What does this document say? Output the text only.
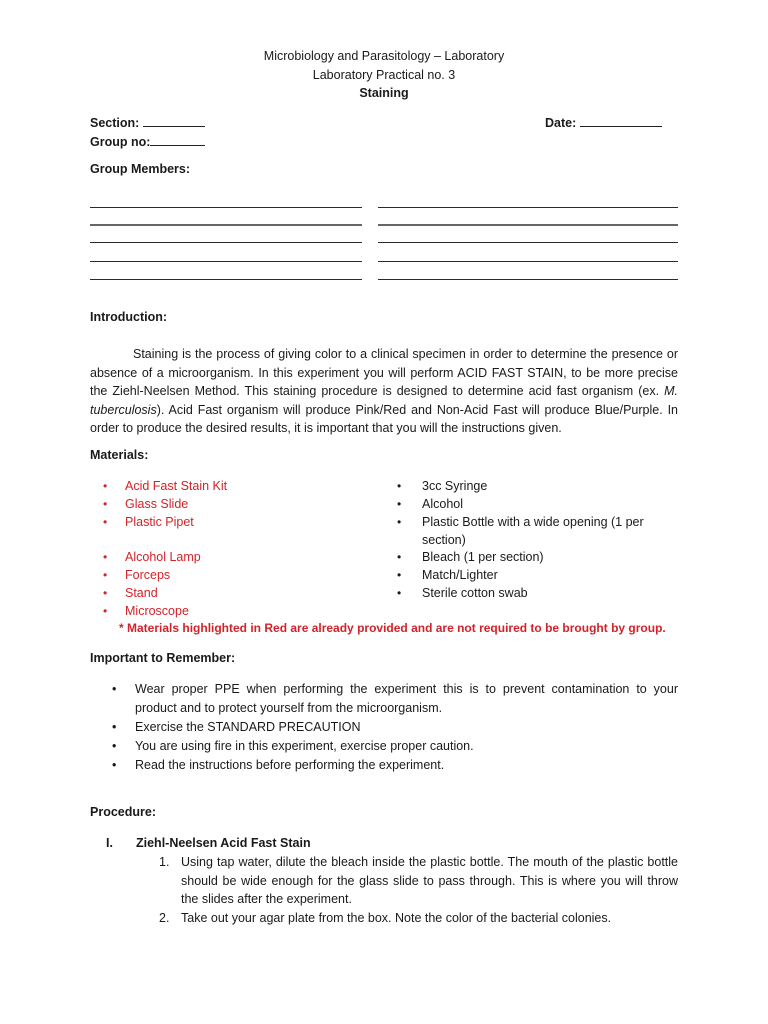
Microbiology and Parasitology – Laboratory
Laboratory Practical no. 3
Staining
Section:
Group no:
Date:
Group Members:
Introduction:
Staining is the process of giving color to a clinical specimen in order to determine the presence or absence of a microorganism. In this experiment you will perform ACID FAST STAIN, to be more precise the Ziehl-Neelsen Method. This staining procedure is designed to determine acid fast organism (ex. M. tuberculosis). Acid Fast organism will produce Pink/Red and Non-Acid Fast will produce Blue/Purple. In order to produce the desired results, it is important that you will the instructions given.
Materials:
• Acid Fast Stain Kit
• Glass Slide
• Plastic Pipet
• Alcohol Lamp
• Forceps
• Stand
• Microscope
• 3cc Syringe
• Alcohol
• Plastic Bottle with a wide opening (1 per
section)
• Bleach (1 per section)
• Match/Lighter
• Sterile cotton swab
* Materials highlighted in Red are already provided and are not required to be brought by group.
Important to Remember:
• Wear proper PPE when performing the experiment this is to prevent contamination to your product and to protect yourself from the microorganism.
• Exercise the STANDARD PRECAUTION
• You are using fire in this experiment, exercise proper caution.
• Read the instructions before performing the experiment.
Procedure:
I. Ziehl-Neelsen Acid Fast Stain
1. Using tap water, dilute the bleach inside the plastic bottle. The mouth of the plastic bottle should be wide enough for the glass slide to pass through. This is where you will throw the slides after the experiment.
2. Take out your agar plate from the box. Note the color of the bacterial colonies.
